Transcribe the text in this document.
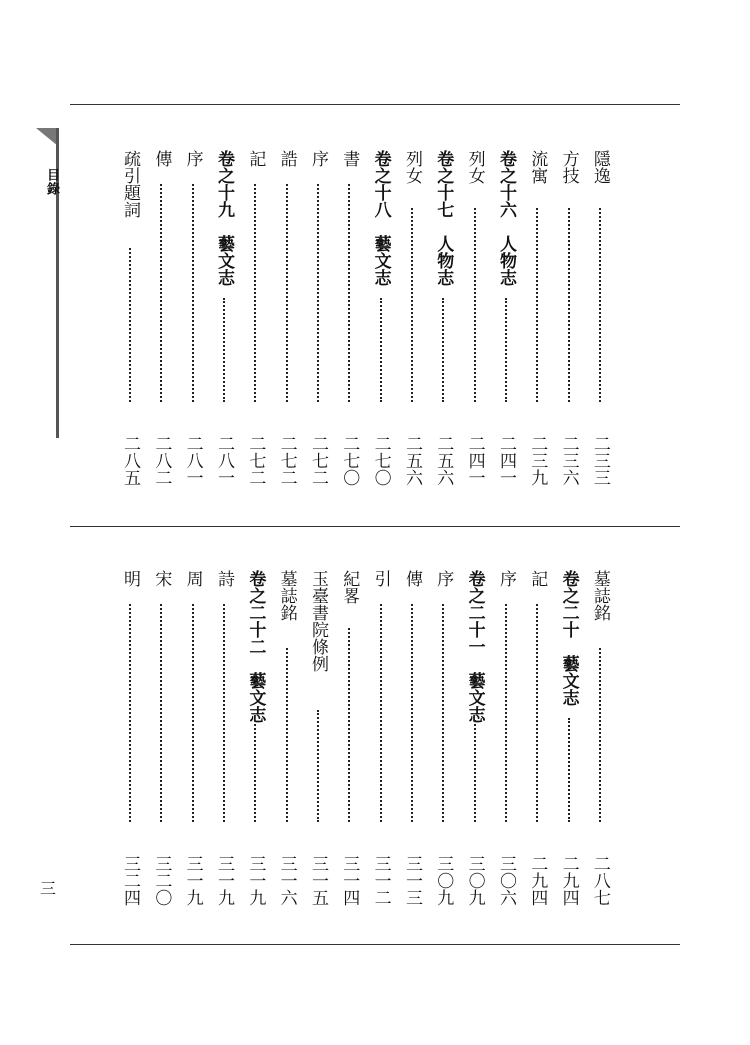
目錄
三
隱逸
二三三
方技
二三六
流寓
二三九
卷之十六　人物志
二四一
列女
二四一
卷之十七　人物志
二五六
列女
二五六
卷之十八　藝文志
二七〇
書
二七〇
序
二七二
誥
二七二
記
二七二
卷之十九　藝文志
二八一
序
二八一
傳
二八二
疏引題詞
二八五
墓誌銘
二八七
卷之二十　藝文志
二九四
記
二九四
序
三〇六
卷之二十一　藝文志
三〇九
序
三〇九
傳
三一三
引
三一二
紀畧
三一四
玉臺書院條例
三一五
墓誌銘
三一六
卷之二十二　藝文志
三一九
詩
三一九
周
三一九
宋
三二〇
明
三二四
